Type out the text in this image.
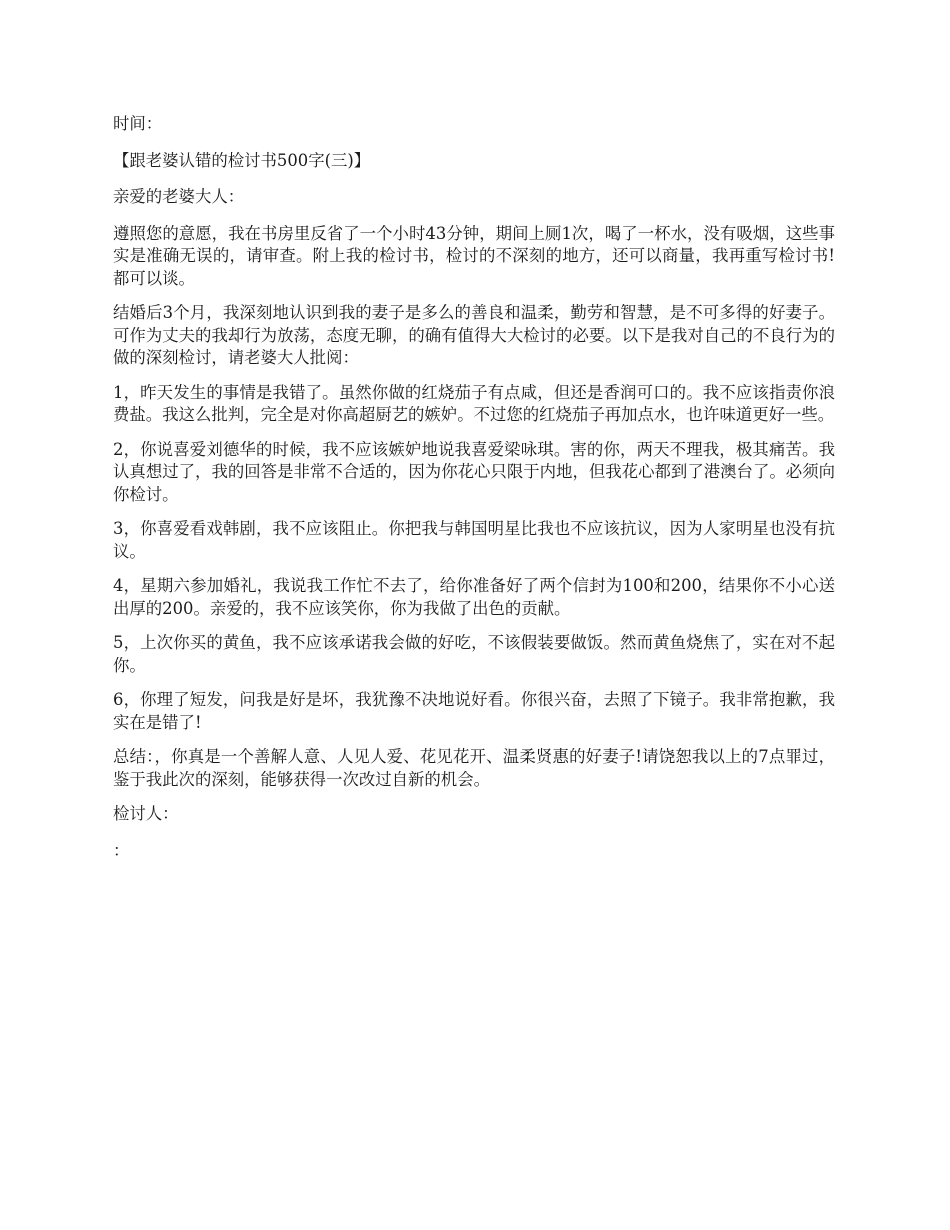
时间：

【跟老婆认错的检讨书500字(三)】

亲爱的老婆大人：

遵照您的意愿，我在书房里反省了一个小时43分钟，期间上厕1次，喝了一杯水，没有吸烟，这些事实是准确无误的，请审查。附上我的检讨书，检讨的不深刻的地方，还可以商量，我再重写检讨书!都可以谈。

结婚后3个月，我深刻地认识到我的妻子是多么的善良和温柔，勤劳和智慧，是不可多得的好妻子。可作为丈夫的我却行为放荡，态度无聊，的确有值得大大检讨的必要。以下是我对自己的不良行为的做的深刻检讨，请老婆大人批阅：

1，昨天发生的事情是我错了。虽然你做的红烧茄子有点咸，但还是香润可口的。我不应该指责你浪费盐。我这么批判，完全是对你高超厨艺的嫉妒。不过您的红烧茄子再加点水，也许味道更好一些。

2，你说喜爱刘德华的时候，我不应该嫉妒地说我喜爱梁咏琪。害的你，两天不理我，极其痛苦。我认真想过了，我的回答是非常不合适的，因为你花心只限于内地，但我花心都到了港澳台了。必须向你检讨。

3，你喜爱看戏韩剧，我不应该阻止。你把我与韩国明星比我也不应该抗议，因为人家明星也没有抗议。

4，星期六参加婚礼，我说我工作忙不去了，给你准备好了两个信封为100和200，结果你不小心送出厚的200。亲爱的，我不应该笑你，你为我做了出色的贡献。

5，上次你买的黄鱼，我不应该承诺我会做的好吃，不该假装要做饭。然而黄鱼烧焦了，实在对不起你。

6，你理了短发，问我是好是坏，我犹豫不决地说好看。你很兴奋，去照了下镜子。我非常抱歉，我实在是错了!

总结：，你真是一个善解人意、人见人爱、花见花开、温柔贤惠的好妻子!请饶恕我以上的7点罪过，鉴于我此次的深刻，能够获得一次改过自新的机会。

检讨人：

：
